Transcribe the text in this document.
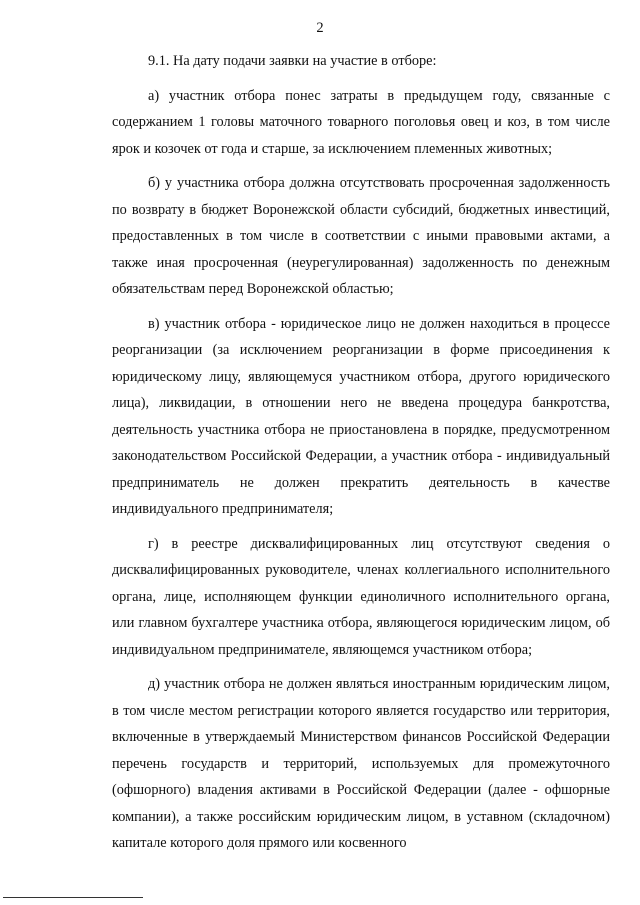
2

9.1. На дату подачи заявки на участие в отборе:

а) участник отбора понес затраты в предыдущем году, связанные с содержанием 1 головы маточного товарного поголовья овец и коз, в том числе ярок и козочек от года и старше, за исключением племенных животных;

б) у участника отбора должна отсутствовать просроченная задолженность по возврату в бюджет Воронежской области субсидий, бюджетных инвестиций, предоставленных в том числе в соответствии с иными правовыми актами, а также иная просроченная (неурегулированная) задолженность по денежным обязательствам перед Воронежской областью;

в) участник отбора - юридическое лицо не должен находиться в процессе реорганизации (за исключением реорганизации в форме присоединения к юридическому лицу, являющемуся участником отбора, другого юридического лица), ликвидации, в отношении него не введена процедура банкротства, деятельность участника отбора не приостановлена в порядке, предусмотренном законодательством Российской Федерации, а участник отбора - индивидуальный предприниматель не должен прекратить деятельность в качестве индивидуального предпринимателя;

г) в реестре дисквалифицированных лиц отсутствуют сведения о дисквалифицированных руководителе, членах коллегиального исполнительного органа, лице, исполняющем функции единоличного исполнительного органа, или главном бухгалтере участника отбора, являющегося юридическим лицом, об индивидуальном предпринимателе, являющемся участником отбора;

д) участник отбора не должен являться иностранным юридическим лицом, в том числе местом регистрации которого является государство или территория, включенные в утверждаемый Министерством финансов Российской Федерации перечень государств и территорий, используемых для промежуточного (офшорного) владения активами в Российской Федерации (далее - офшорные компании), а также российским юридическим лицом, в уставном (складочном) капитале которого доля прямого или косвенного
